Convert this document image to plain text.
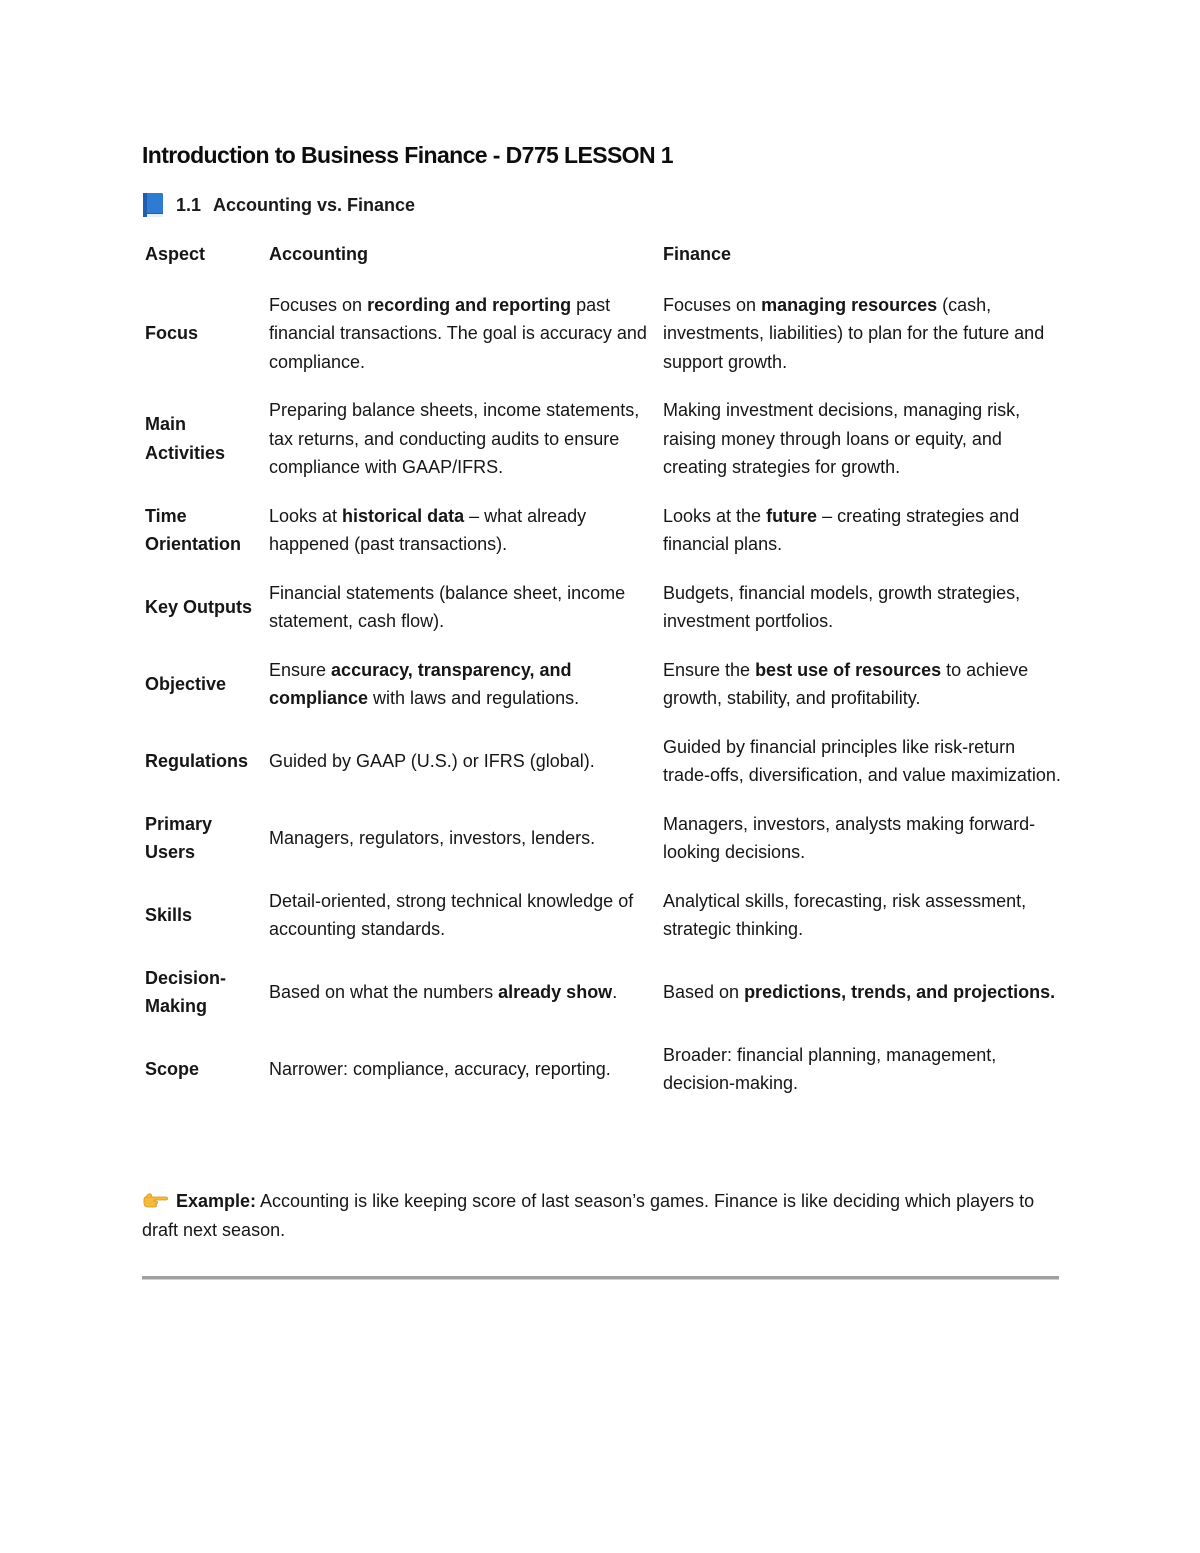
Introduction to Business Finance - D775 LESSON 1
1.1 Accounting vs. Finance
Aspect	Accounting	Finance
Focus	Focuses on recording and reporting past financial transactions. The goal is accuracy and compliance.	Focuses on managing resources (cash, investments, liabilities) to plan for the future and support growth.
Main Activities	Preparing balance sheets, income statements, tax returns, and conducting audits to ensure compliance with GAAP/IFRS.	Making investment decisions, managing risk, raising money through loans or equity, and creating strategies for growth.
Time Orientation	Looks at historical data – what already happened (past transactions).	Looks at the future – creating strategies and financial plans.
Key Outputs	Financial statements (balance sheet, income statement, cash flow).	Budgets, financial models, growth strategies, investment portfolios.
Objective	Ensure accuracy, transparency, and compliance with laws and regulations.	Ensure the best use of resources to achieve growth, stability, and profitability.
Regulations	Guided by GAAP (U.S.) or IFRS (global).	Guided by financial principles like risk-return trade-offs, diversification, and value maximization.
Primary Users	Managers, regulators, investors, lenders.	Managers, investors, analysts making forward-looking decisions.
Skills	Detail-oriented, strong technical knowledge of accounting standards.	Analytical skills, forecasting, risk assessment, strategic thinking.
Decision-Making	Based on what the numbers already show.	Based on predictions, trends, and projections.
Scope	Narrower: compliance, accuracy, reporting.	Broader: financial planning, management, decision-making.
Example: Accounting is like keeping score of last season’s games. Finance is like deciding which players to draft next season.
